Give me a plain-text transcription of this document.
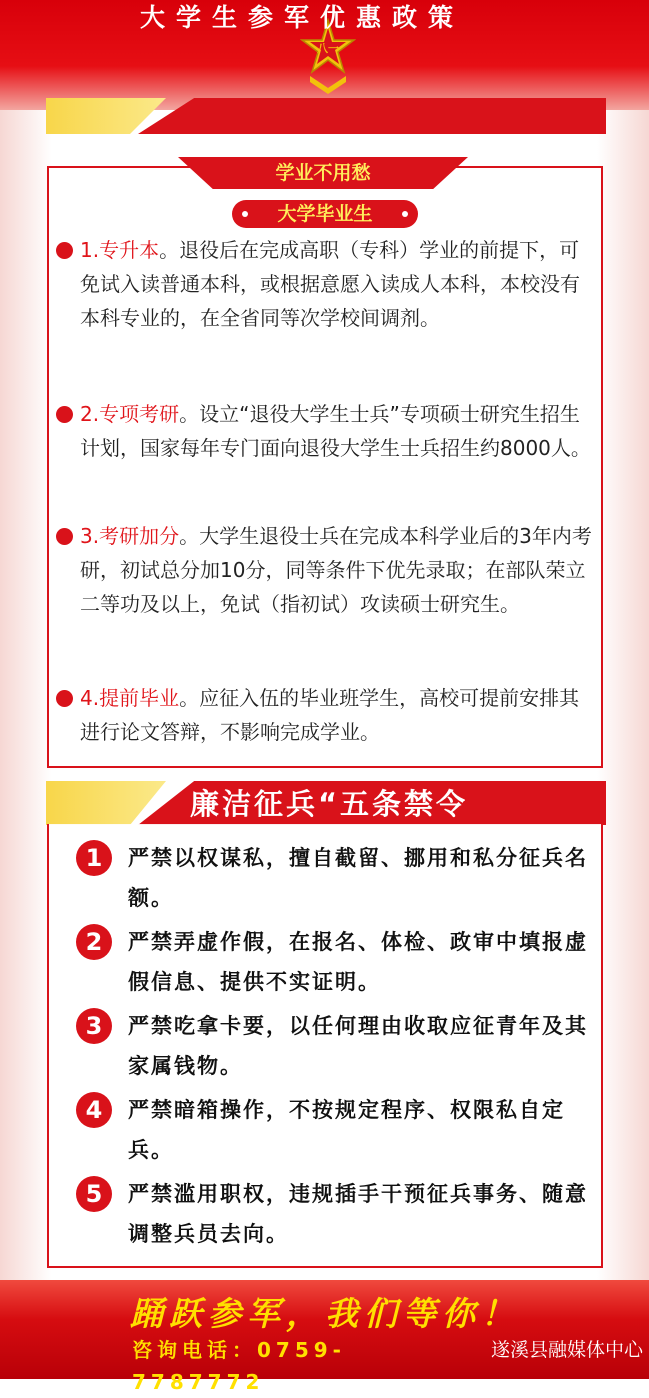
八一
大学生参军优惠政策
学业不用愁
大学毕业生
1.专升本。退役后在完成高职（专科）学业的前提下，可免试入读普通本科，或根据意愿入读成人本科，本校没有本科专业的，在全省同等次学校间调剂。
2.专项考研。设立“退役大学生士兵”专项硕士研究生招生计划，国家每年专门面向退役大学生士兵招生约8000人。
3.考研加分。大学生退役士兵在完成本科学业后的3年内考研，初试总分加10分，同等条件下优先录取；在部队荣立二等功及以上，免试（指初试）攻读硕士研究生。
4.提前毕业。应征入伍的毕业班学生，高校可提前安排其进行论文答辩，不影响完成学业。
廉洁征兵“五条禁令
1	严禁以权谋私，擅自截留、挪用和私分征兵名额。
2	严禁弄虚作假，在报名、体检、政审中填报虚假信息、提供不实证明。
3	严禁吃拿卡要，以任何理由收取应征青年及其家属钱物。
4	严禁暗箱操作，不按规定程序、权限私自定兵。
5	严禁滥用职权，违规插手干预征兵事务、随意调整兵员去向。
踊跃参军，我们等你！
咨询电话：0759-7787772
遂溪县融媒体中心
